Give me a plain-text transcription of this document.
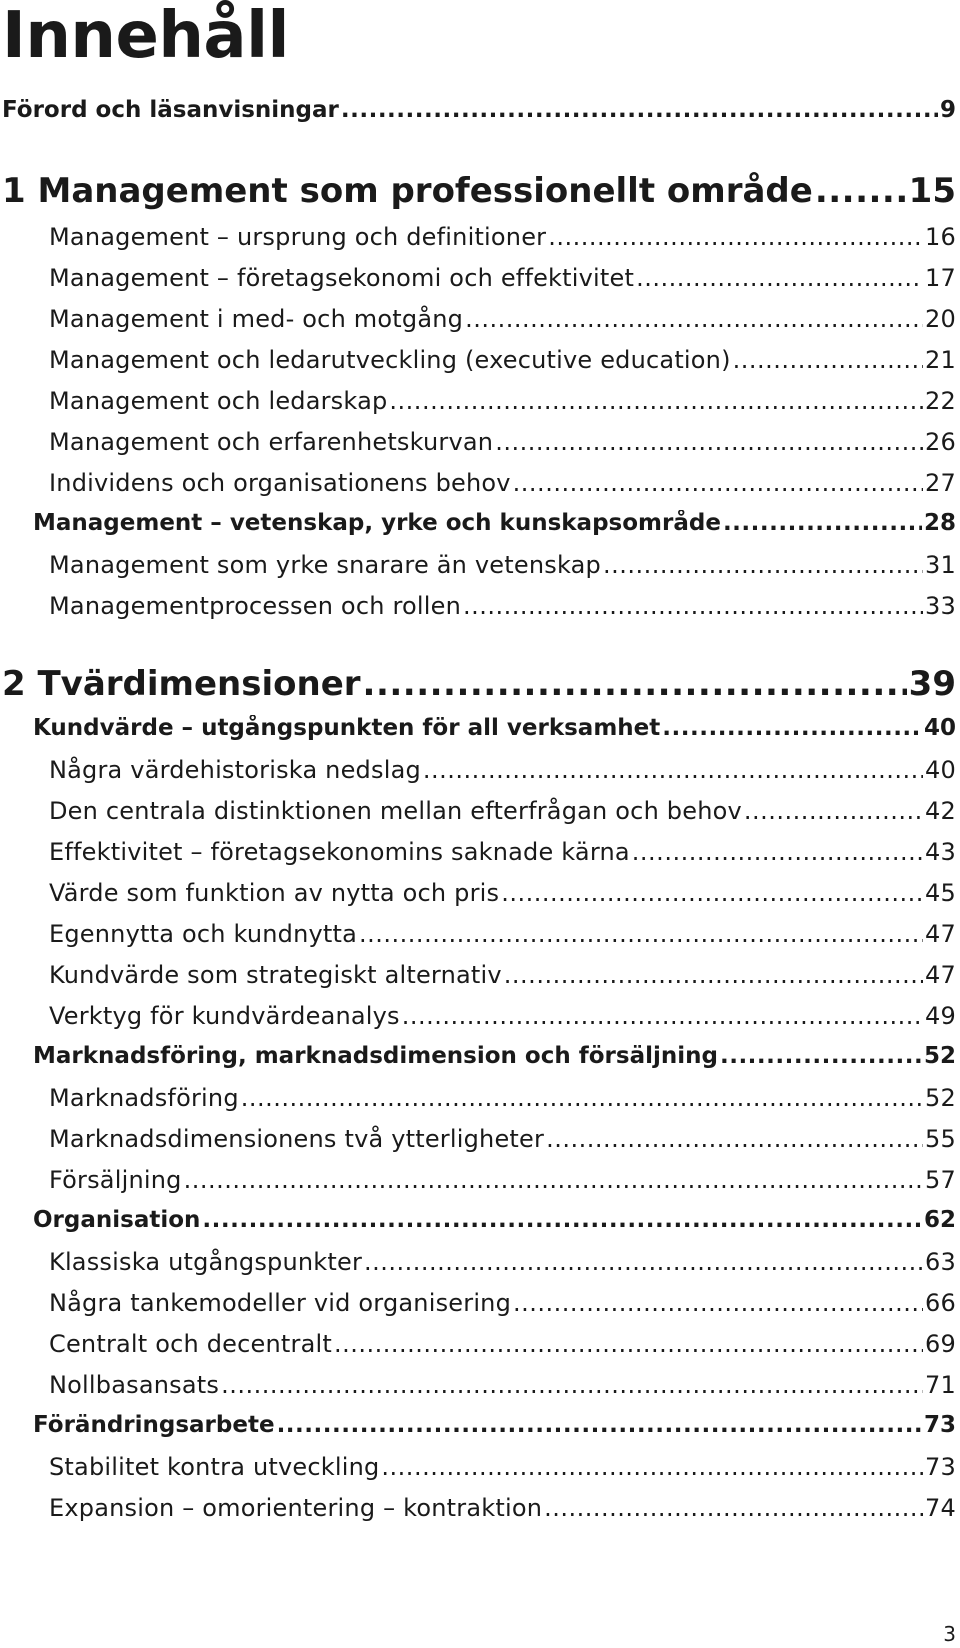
Innehåll
Förord och läsanvisningar .....	9
1 Management som professionellt område .....	15
Management – ursprung och definitioner .....	16
Management – företagsekonomi och effektivitet .....	17
Management i med- och motgång .....	20
Management och ledarutveckling (executive education) .....	21
Management och ledarskap .....	22
Management och erfarenhetskurvan .....	26
Individens och organisationens behov .....	27
Management – vetenskap, yrke och kunskapsområde .....	28
Management som yrke snarare än vetenskap .....	31
Managementprocessen och rollen .....	33
2 Tvärdimensioner .....	39
Kundvärde – utgångspunkten för all verksamhet .....	40
Några värdehistoriska nedslag .....	40
Den centrala distinktionen mellan efterfrågan och behov .....	42
Effektivitet – företagsekonomins saknade kärna .....	43
Värde som funktion av nytta och pris .....	45
Egennytta och kundnytta .....	47
Kundvärde som strategiskt alternativ .....	47
Verktyg för kundvärdeanalys .....	49
Marknadsföring, marknadsdimension och försäljning .....	52
Marknadsföring .....	52
Marknadsdimensionens två ytterligheter .....	55
Försäljning .....	57
Organisation .....	62
Klassiska utgångspunkter .....	63
Några tankemodeller vid organisering .....	66
Centralt och decentralt .....	69
Nollbasansats .....	71
Förändringsarbete .....	73
Stabilitet kontra utveckling .....	73
Expansion – omorientering – kontraktion .....	74
3
